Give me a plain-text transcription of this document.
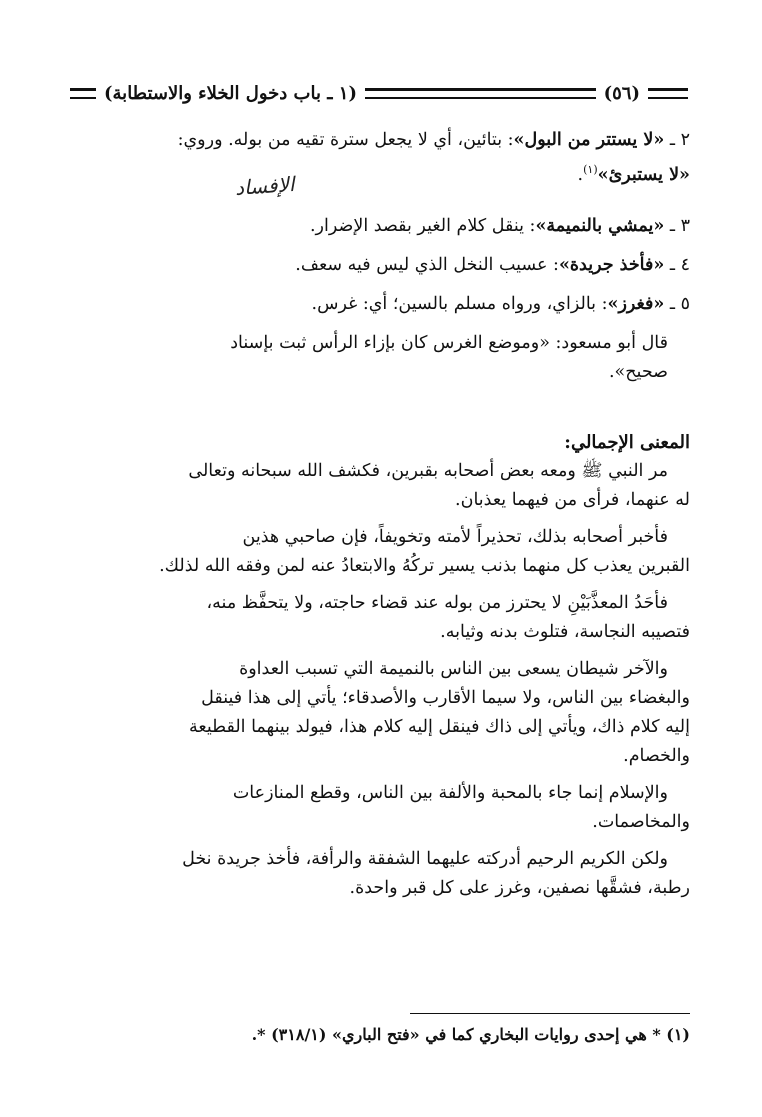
(٥٦)
(١ ـ باب دخول الخلاء والاستطابة)
٢ ـ «لا يستتر من البول»: بتائين، أي لا يجعل سترة تقيه من بوله. وروي:
«لا يستبرئ»$^{(١)}$.
٣ ـ «يمشي بالنميمة»: ينقل كلام الغير بقصد الإضرار.
٤ ـ «فأخذ جريدة»: عسيب النخل الذي ليس فيه سعف.
٥ ـ «فغرز»: بالزاي، ورواه مسلم بالسين؛ أي: غرس.
قال أبو مسعود: «وموضع الغرس كان بإزاء الرأس ثبت بإسناد
صحيح».
الإفساد
المعنى الإجمالي:
مر النبي ﷺ ومعه بعض أصحابه بقبرين، فكشف الله سبحانه وتعالى
له عنهما، فرأى من فيهما يعذبان.
فأخبر أصحابه بذلك، تحذيراً لأمته وتخويفاً، فإن صاحبي هذين
القبرين يعذب كل منهما بذنب يسير تركُهُ والابتعادُ عنه لمن وفقه الله لذلك.
فأحَدُ المعذَّبَيْنِ لا يحترز من بوله عند قضاء حاجته، ولا يتحفَّظ منه،
فتصيبه النجاسة، فتلوث بدنه وثيابه.
والآخر شيطان يسعى بين الناس بالنميمة التي تسبب العداوة
والبغضاء بين الناس، ولا سيما الأقارب والأصدقاء؛ يأتي إلى هذا فينقل
إليه كلام ذاك، ويأتي إلى ذاك فينقل إليه كلام هذا، فيولد بينهما القطيعة
والخصام.
والإسلام إنما جاء بالمحبة والألفة بين الناس، وقطع المنازعات
والمخاصمات.
ولكن الكريم الرحيم أدركته عليهما الشفقة والرأفة، فأخذ جريدة نخل
رطبة، فشقَّها نصفين، وغرز على كل قبر واحدة.
(١) * هي إحدى روايات البخاري كما في «فتح الباري» (٣١٨/١) *.
